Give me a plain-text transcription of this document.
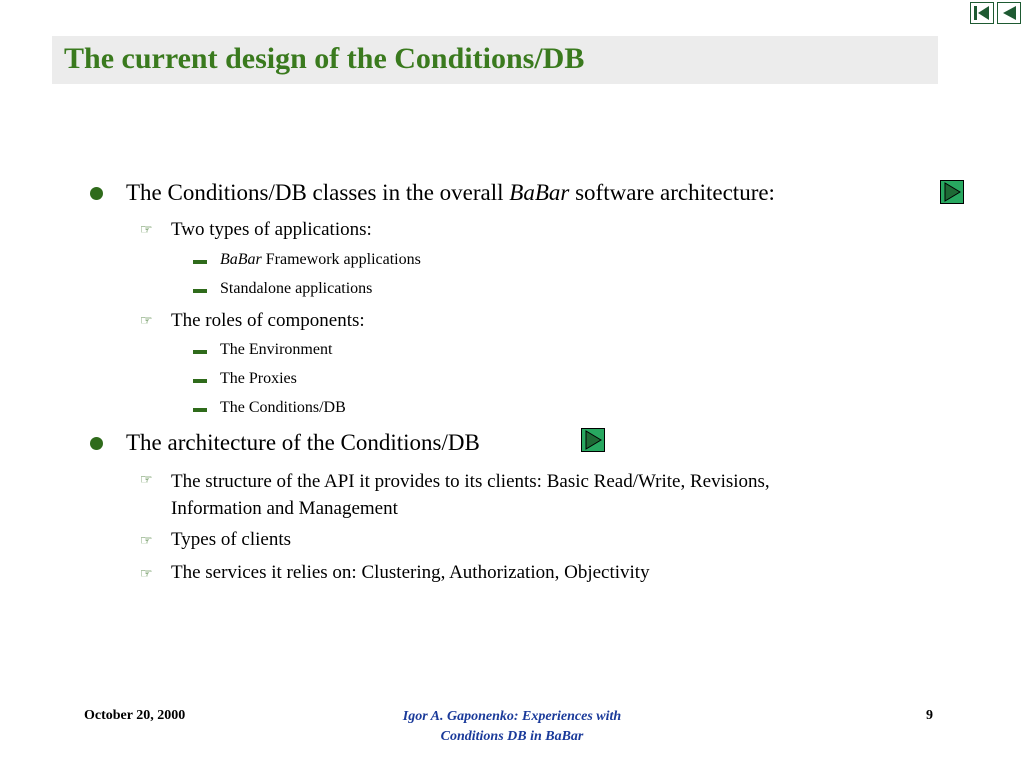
The current design of the Conditions/DB
The Conditions/DB classes in the overall BaBar software architecture:
☞ Two types of applications:
BaBar Framework applications
Standalone applications
☞ The roles of components:
The Environment
The Proxies
The Conditions/DB
The architecture of the Conditions/DB
☞ The structure of the API it provides to its clients: Basic Read/Write, Revisions,
Information and Management
☞ Types of clients
☞ The services it relies on: Clustering, Authorization, Objectivity
October 20, 2000	Igor A. Gaponenko: Experiences with
Conditions DB in BaBar
9
